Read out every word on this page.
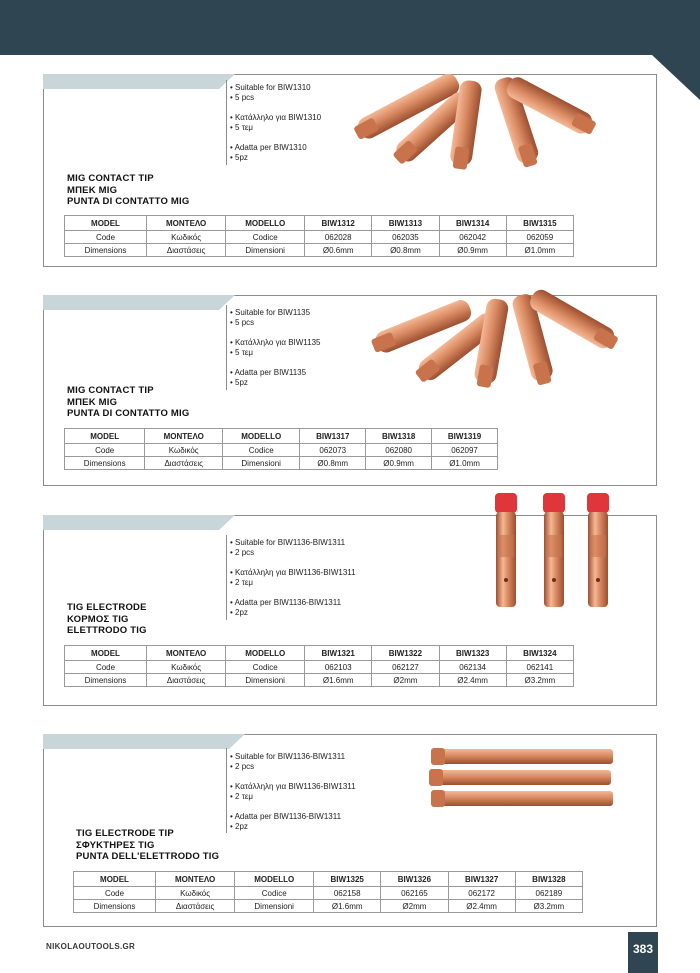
• Suitable for BIW1310
• 5 pcs
• Κατάλληλο για BIW1310
• 5 τεμ
• Adatta per BIW1310
• 5pz
MIG CONTACT TIP
ΜΠΕΚ MIG
PUNTA DI CONTATTO MIG
MODEL	ΜΟΝΤΕΛΟ	MODELLO	BIW1312	BIW1313	BIW1314	BIW1315
Code	Κωδικός	Codice	062028	062035	062042	062059
Dimensions	Διαστάσεις	Dimensioni	Ø0.6mm	Ø0.8mm	Ø0.9mm	Ø1.0mm
• Suitable for BIW1135
• 5 pcs
• Κατάλληλο για BIW1135
• 5 τεμ
• Adatta per BIW1135
• 5pz
MIG CONTACT TIP
ΜΠΕΚ MIG
PUNTA DI CONTATTO MIG
MODEL	ΜΟΝΤΕΛΟ	MODELLO	BIW1317	BIW1318	BIW1319
Code	Κωδικός	Codice	062073	062080	062097
Dimensions	Διαστάσεις	Dimensioni	Ø0.8mm	Ø0.9mm	Ø1.0mm
• Suitable for BIW1136-BIW1311
• 2 pcs
• Κατάλληλη για BIW1136-BIW1311
• 2 τεμ
• Adatta per BIW1136-BIW1311
• 2pz
TIG ELECTRODE
ΚΟΡΜΟΣ TIG
ELETTRODO TIG
MODEL	ΜΟΝΤΕΛΟ	MODELLO	BIW1321	BIW1322	BIW1323	BIW1324
Code	Κωδικός	Codice	062103	062127	062134	062141
Dimensions	Διαστάσεις	Dimensioni	Ø1.6mm	Ø2mm	Ø2.4mm	Ø3.2mm
• Suitable for BIW1136-BIW1311
• 2 pcs
• Κατάλληλη για BIW1136-BIW1311
• 2 τεμ
• Adatta per BIW1136-BIW1311
• 2pz
TIG ELECTRODE TIP
ΣΦΥΚΤΗΡΕΣ TIG
PUNTA DELL'ELETTRODO TIG
MODEL	ΜΟΝΤΕΛΟ	MODELLO	BIW1325	BIW1326	BIW1327	BIW1328
Code	Κωδικός	Codice	062158	062165	062172	062189
Dimensions	Διαστάσεις	Dimensioni	Ø1.6mm	Ø2mm	Ø2.4mm	Ø3.2mm
NIKOLAOUTOOLS.GR	383
